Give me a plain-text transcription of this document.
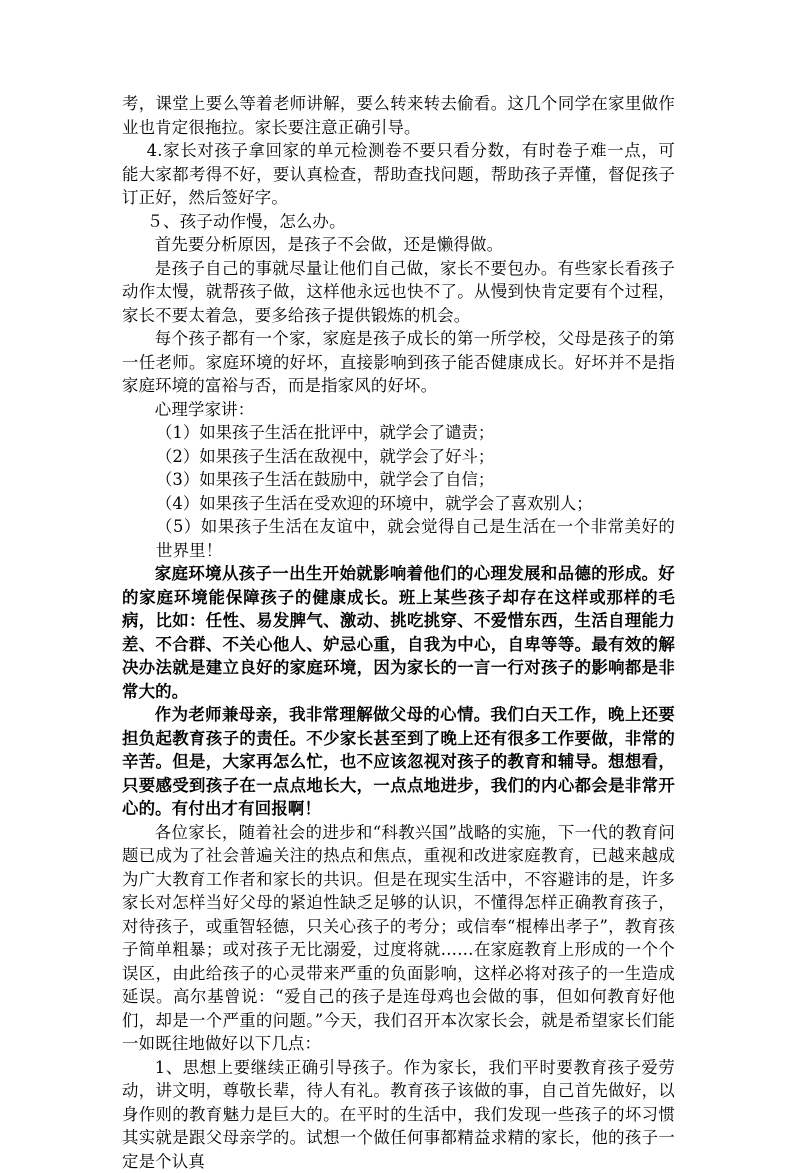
考，课堂上要么等着老师讲解，要么转来转去偷看。这几个同学在家里做作业也肯定很拖拉。家长要注意正确引导。

4.家长对孩子拿回家的单元检测卷不要只看分数，有时卷子难一点，可能大家都考得不好，要认真检查，帮助查找问题，帮助孩子弄懂，督促孩子订正好，然后签好字。

５、孩子动作慢，怎么办。

首先要分析原因，是孩子不会做，还是懒得做。

是孩子自己的事就尽量让他们自己做，家长不要包办。有些家长看孩子动作太慢，就帮孩子做，这样他永远也快不了。从慢到快肯定要有个过程，家长不要太着急，要多给孩子提供锻炼的机会。

每个孩子都有一个家，家庭是孩子成长的第一所学校，父母是孩子的第一任老师。家庭环境的好坏，直接影响到孩子能否健康成长。好坏并不是指家庭环境的富裕与否，而是指家风的好坏。

心理学家讲：

（1）如果孩子生活在批评中，就学会了谴责；

（2）如果孩子生活在敌视中，就学会了好斗；

（3）如果孩子生活在鼓励中，就学会了自信；

（4）如果孩子生活在受欢迎的环境中，就学会了喜欢别人；

（5）如果孩子生活在友谊中，就会觉得自己是生活在一个非常美好的世界里！

家庭环境从孩子一出生开始就影响着他们的心理发展和品德的形成。好的家庭环境能保障孩子的健康成长。班上某些孩子却存在这样或那样的毛病，比如：任性、易发脾气、激动、挑吃挑穿、不爱惜东西，生活自理能力差、不合群、不关心他人、妒忌心重，自我为中心，自卑等等。最有效的解决办法就是建立良好的家庭环境，因为家长的一言一行对孩子的影响都是非常大的。

作为老师兼母亲，我非常理解做父母的心情。我们白天工作，晚上还要担负起教育孩子的责任。不少家长甚至到了晚上还有很多工作要做，非常的辛苦。但是，大家再怎么忙，也不应该忽视对孩子的教育和辅导。想想看，只要感受到孩子在一点点地长大，一点点地进步，我们的内心都会是非常开心的。有付出才有回报啊！

各位家长，随着社会的进步和“科教兴国”战略的实施，下一代的教育问题已成为了社会普遍关注的热点和焦点，重视和改进家庭教育，已越来越成为广大教育工作者和家长的共识。但是在现实生活中，不容避讳的是，许多家长对怎样当好父母的紧迫性缺乏足够的认识，不懂得怎样正确教育孩子，对待孩子，或重智轻德，只关心孩子的考分；或信奉“棍棒出孝子”，教育孩子简单粗暴；或对孩子无比溺爱，过度将就……在家庭教育上形成的一个个误区，由此给孩子的心灵带来严重的负面影响，这样必将对孩子的一生造成延误。高尔基曾说：“爱自己的孩子是连母鸡也会做的事，但如何教育好他们，却是一个严重的问题。”今天，我们召开本次家长会，就是希望家长们能一如既往地做好以下几点：

1、思想上要继续正确引导孩子。作为家长，我们平时要教育孩子爱劳动，讲文明，尊敬长辈，待人有礼。教育孩子该做的事，自己首先做好，以身作则的教育魅力是巨大的。在平时的生活中，我们发现一些孩子的坏习惯其实就是跟父母亲学的。试想一个做任何事都精益求精的家长，他的孩子一定是个认真
